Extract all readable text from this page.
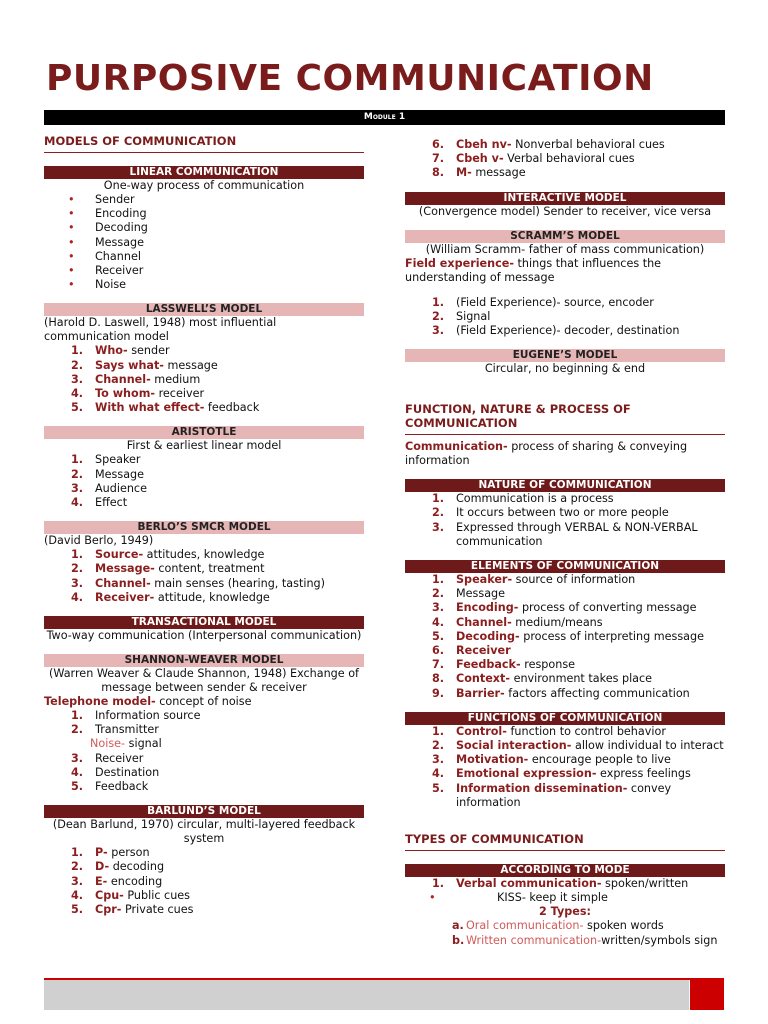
PURPOSIVE COMMUNICATION
Module 1
MODELS OF COMMUNICATION
LINEAR COMMUNICATION
One-way process of communication
• Sender
• Encoding
• Decoding
• Message
• Channel
• Receiver
• Noise
LASSWELL’S MODEL
(Harold D. Laswell, 1948) most influential communication model
1. Who- sender
2. Says what- message
3. Channel- medium
4. To whom- receiver
5. With what effect- feedback
ARISTOTLE
First & earliest linear model
1. Speaker
2. Message
3. Audience
4. Effect
BERLO’S SMCR MODEL
(David Berlo, 1949)
1. Source- attitudes, knowledge
2. Message- content, treatment
3. Channel- main senses (hearing, tasting)
4. Receiver- attitude, knowledge
TRANSACTIONAL MODEL
Two-way communication (Interpersonal communication)
SHANNON-WEAVER MODEL
(Warren Weaver & Claude Shannon, 1948) Exchange of message between sender & receiver
Telephone model- concept of noise
1. Information source
2. Transmitter
Noise- signal
3. Receiver
4. Destination
5. Feedback
BARLUND’S MODEL
(Dean Barlund, 1970) circular, multi-layered feedback system
1. P- person
2. D- decoding
3. E- encoding
4. Cpu- Public cues
5. Cpr- Private cues
6. Cbeh nv- Nonverbal behavioral cues
7. Cbeh v- Verbal behavioral cues
8. M- message
INTERACTIVE MODEL
(Convergence model) Sender to receiver, vice versa
SCRAMM’S MODEL
(William Scramm- father of mass communication)
Field experience- things that influences the understanding of message
1. (Field Experience)- source, encoder
2. Signal
3. (Field Experience)- decoder, destination
EUGENE’S MODEL
Circular, no beginning & end
FUNCTION, NATURE & PROCESS OF COMMUNICATION
Communication- process of sharing & conveying information
NATURE OF COMMUNICATION
1. Communication is a process
2. It occurs between two or more people
3. Expressed through VERBAL & NON-VERBAL communication
ELEMENTS OF COMMUNICATION
1. Speaker- source of information
2. Message
3. Encoding- process of converting message
4. Channel- medium/means
5. Decoding- process of interpreting message
6. Receiver
7. Feedback- response
8. Context- environment takes place
9. Barrier- factors affecting communication
FUNCTIONS OF COMMUNICATION
1. Control- function to control behavior
2. Social interaction- allow individual to interact
3. Motivation- encourage people to live
4. Emotional expression- express feelings
5. Information dissemination- convey information
TYPES OF COMMUNICATION
ACCORDING TO MODE
1. Verbal communication- spoken/written
• KISS- keep it simple
2 Types:
a. Oral communication- spoken words
b. Written communication-written/symbols sign
